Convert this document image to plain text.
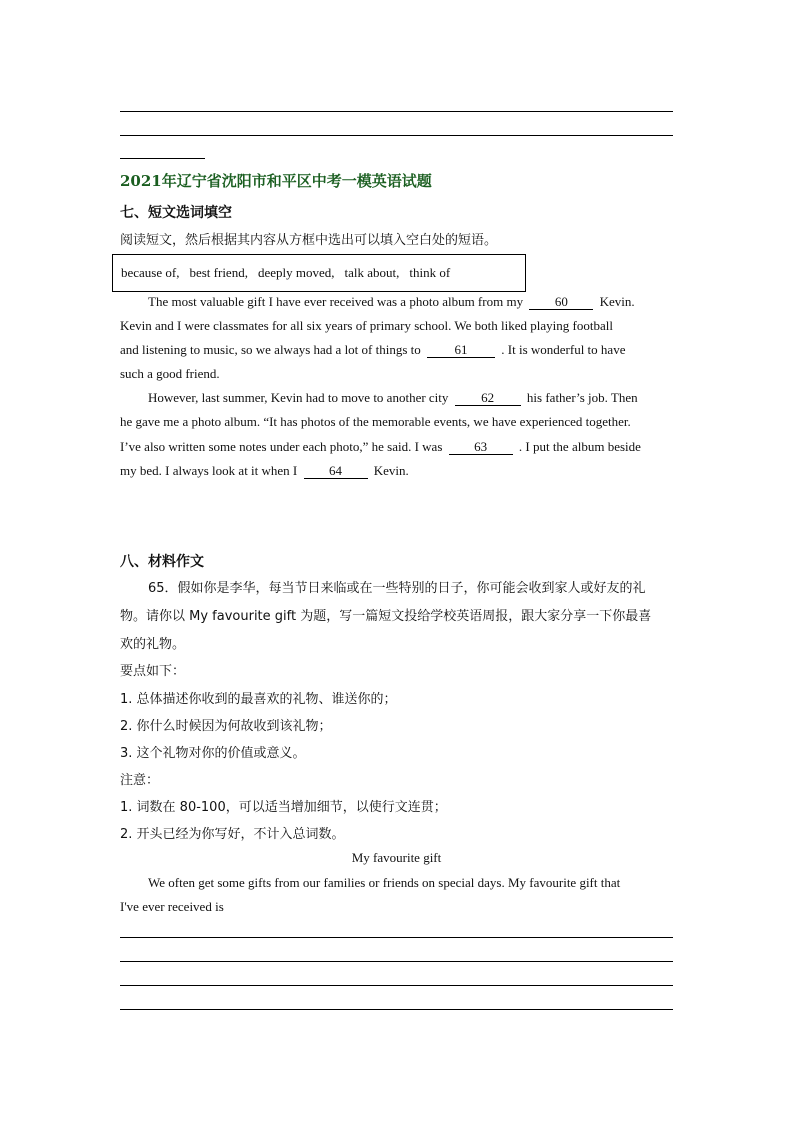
2021年辽宁省沈阳市和平区中考一模英语试题
七、短文选词填空
阅读短文，然后根据其内容从方框中选出可以填入空白处的短语。
because of, best friend, deeply moved, talk about, think of
The most valuable gift I have ever received was a photo album from my 60 Kevin.
Kevin and I were classmates for all six years of primary school. We both liked playing football
and listening to music, so we always had a lot of things to	61	. It is wonderful to have
such a good friend.
However, last summer, Kevin had to move to another city	62	his father’s job. Then
he gave me a photo album. “It has photos of the memorable events, we have experienced together.
I’ve also written some notes under each photo,” he said. I was 63 . I put the album beside
my bed. I always look at it when I 64 Kevin.
八、材料作文
65．假如你是李华，每当节日来临或在一些特别的日子，你可能会收到家人或好友的礼
物。请你以 My favourite gift 为题，写一篇短文投给学校英语周报，跟大家分享一下你最喜
欢的礼物。
要点如下：
1. 总体描述你收到的最喜欢的礼物、谁送你的；
2. 你什么时候因为何故收到该礼物；
3. 这个礼物对你的价值或意义。
注意：
1. 词数在 80-100，可以适当增加细节，以使行文连贯；
2. 开头已经为你写好，不计入总词数。
My favourite gift
We often get some gifts from our families or friends on special days. My favourite gift that
I've ever received is
